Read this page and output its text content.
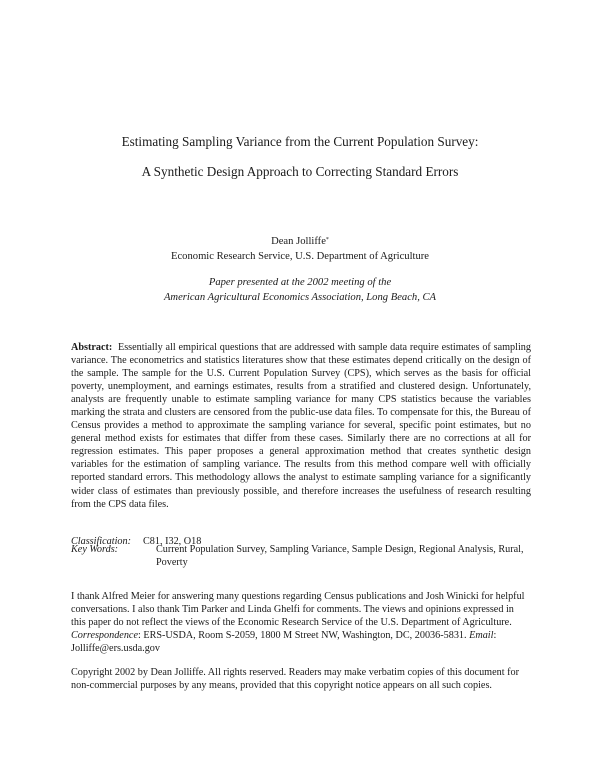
Estimating Sampling Variance from the Current Population Survey:
A Synthetic Design Approach to Correcting Standard Errors
Dean Jolliffe*
Economic Research Service, U.S. Department of Agriculture
Paper presented at the 2002 meeting of the
American Agricultural Economics Association, Long Beach, CA
Abstract: Essentially all empirical questions that are addressed with sample data require estimates of sampling variance. The econometrics and statistics literatures show that these estimates depend critically on the design of the sample. The sample for the U.S. Current Population Survey (CPS), which serves as the basis for official poverty, unemployment, and earnings estimates, results from a stratified and clustered design. Unfortunately, analysts are frequently unable to estimate sampling variance for many CPS statistics because the variables marking the strata and clusters are censored from the public-use data files. To compensate for this, the Bureau of Census provides a method to approximate the sampling variance for several, specific point estimates, but no general method exists for estimates that differ from these cases. Similarly there are no corrections at all for regression estimates. This paper proposes a general approximation method that creates synthetic design variables for the estimation of sampling variance. The results from this method compare well with officially reported standard errors. This methodology allows the analyst to estimate sampling variance for a significantly wider class of estimates than previously possible, and therefore increases the usefulness of research resulting from the CPS data files.
Classification: C81, I32, O18
Key Words:	Current Population Survey, Sampling Variance, Sample Design, Regional Analysis, Rural, Poverty
I thank Alfred Meier for answering many questions regarding Census publications and Josh Winicki for helpful conversations. I also thank Tim Parker and Linda Ghelfi for comments. The views and opinions expressed in this paper do not reflect the views of the Economic Research Service of the U.S. Department of Agriculture. Correspondence: ERS-USDA, Room S-2059, 1800 M Street NW, Washington, DC, 20036-5831. Email: Jolliffe@ers.usda.gov
Copyright 2002 by Dean Jolliffe. All rights reserved. Readers may make verbatim copies of this document for non-commercial purposes by any means, provided that this copyright notice appears on all such copies.
